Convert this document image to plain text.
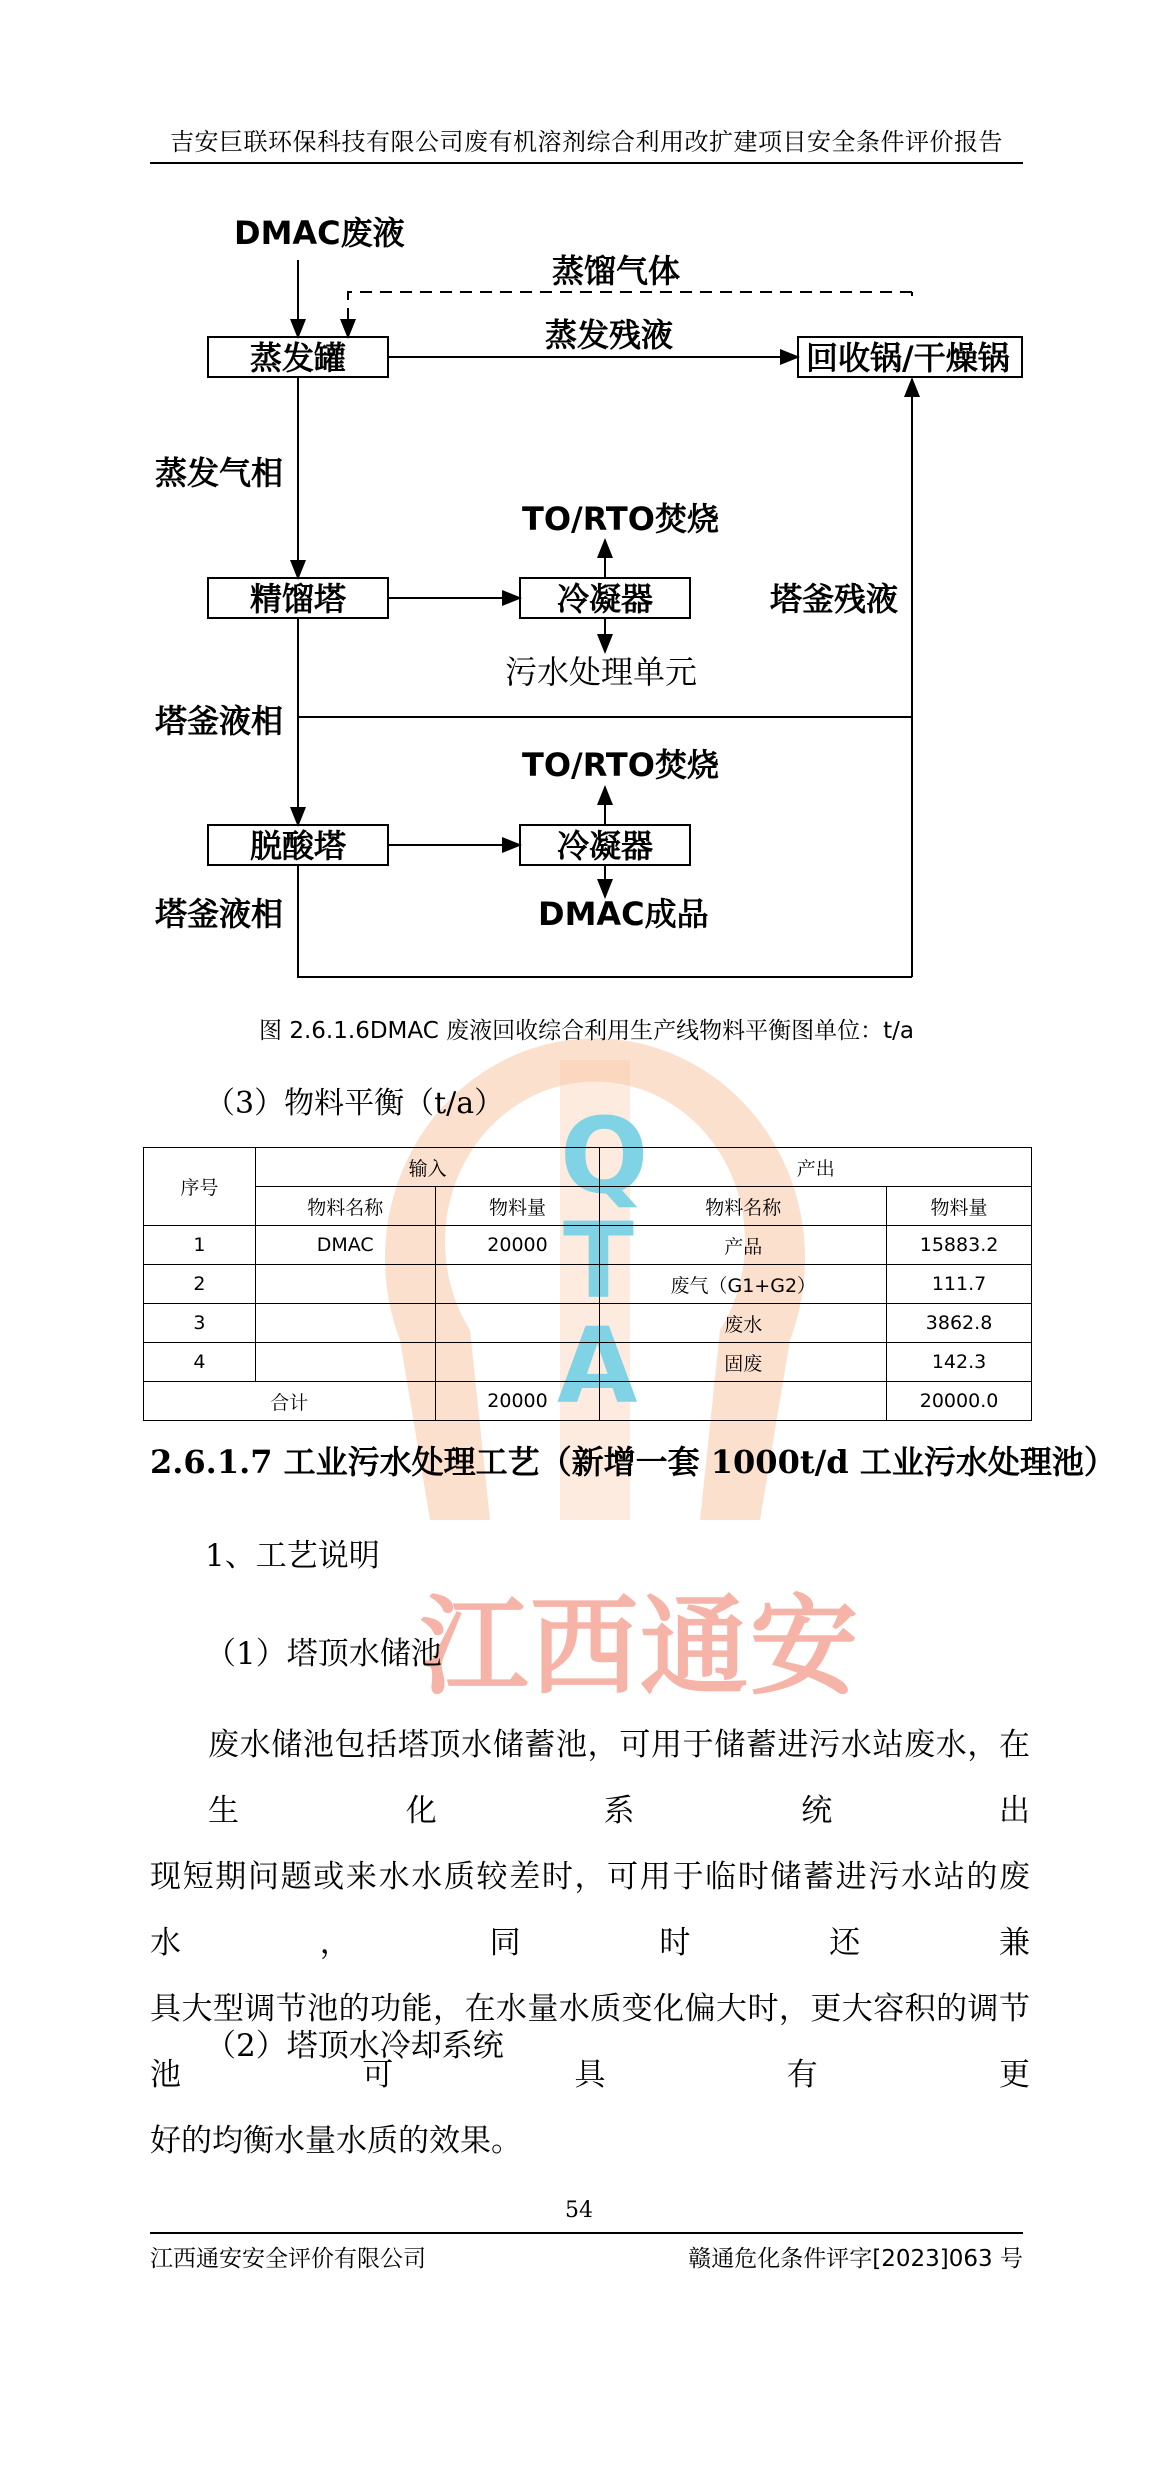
吉安巨联环保科技有限公司废有机溶剂综合利用改扩建项目安全条件评价报告
Q
T
A
江西通安
DMAC废液
蒸馏气体
蒸发罐
蒸发残液
回收锅/干燥锅
蒸发气相
TO/RTO焚烧
精馏塔	冷凝器	塔釜残液
污水处理单元
塔釜液相
TO/RTO焚烧
脱酸塔	冷凝器
塔釜液相	DMAC成品
图 2.6.1.6DMAC 废液回收综合利用生产线物料平衡图单位：t/a
（3）物料平衡（t/a）
序号	输入		产出	
	物料名称	物料量	物料名称	物料量
1	DMAC	20000	产品	15883.2
2			废气（G1+G2）	111.7
3			废水	3862.8
4			固废	142.3
合计		20000		20000.0
2.6.1.7 工业污水处理工艺（新增一套 1000t/d 工业污水处理池）
1、工艺说明
（1）塔顶水储池
废水储池包括塔顶水储蓄池，可用于储蓄进污水站废水，在生化系统出
现短期问题或来水水质较差时，可用于临时储蓄进污水站的废水，同时还兼
具大型调节池的功能，在水量水质变化偏大时，更大容积的调节池可具有更
好的均衡水量水质的效果。
（2）塔顶水冷却系统
54
江西通安安全评价有限公司	赣通危化条件评字[2023]063 号
